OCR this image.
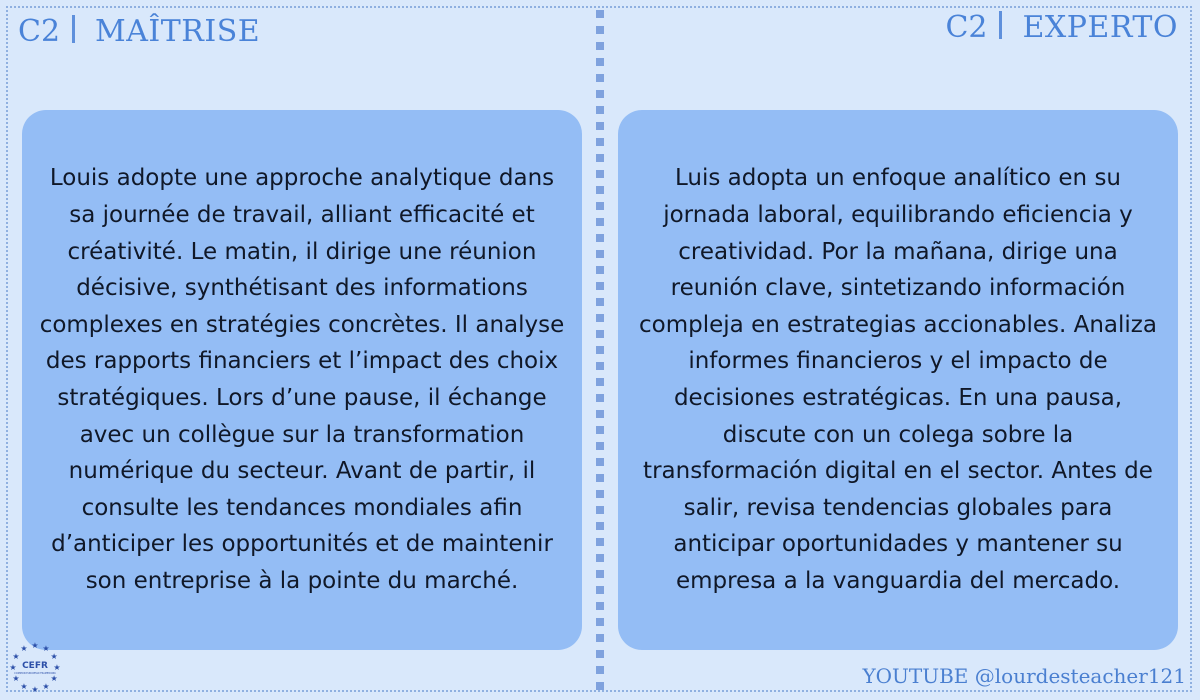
C2 MAÎTRISE	C2 EXPERTO

Louis adopte une approche analytique dans sa journée de travail, alliant efficacité et créativité. Le matin, il dirige une réunion décisive, synthétisant des informations complexes en stratégies concrètes. Il analyse des rapports financiers et l’impact des choix stratégiques. Lors d’une pause, il échange avec un collègue sur la transformation numérique du secteur. Avant de partir, il consulte les tendances mondiales afin d’anticiper les opportunités et de maintenir son entreprise à la pointe du marché.

Luis adopta un enfoque analítico en su jornada laboral, equilibrando eficiencia y creatividad. Por la mañana, dirige una reunión clave, sintetizando información compleja en estrategias accionables. Analiza informes financieros y el impacto de decisiones estratégicas. En una pausa, discute con un colega sobre la transformación digital en el sector. Antes de salir, revisa tendencias globales para anticipar oportunidades y mantener su empresa a la vanguardia del mercado.

★
★
★
★
★
★
★
★
★ ★ ★
★
CEFR
COMMON EUROPEAN FRAMEWORK	YOUTUBE @lourdesteacher121
